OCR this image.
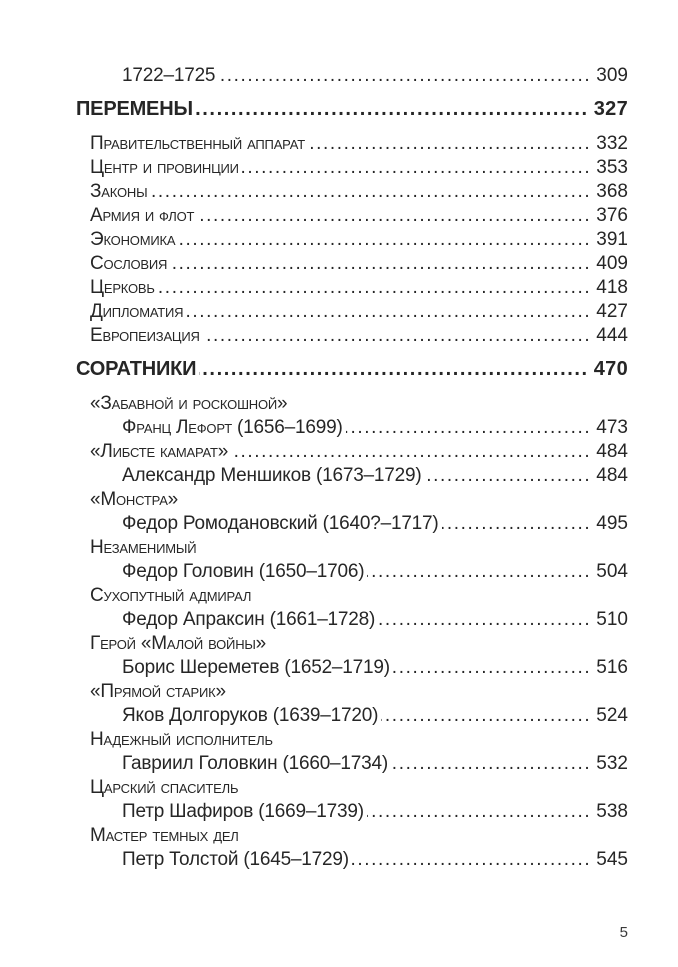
1722–1725 .....	309
ПЕРЕМЕНЫ .....	327
Правительственный аппарат .....	332
Центр и провинции .....	353
Законы .....	368
Армия и флот .....	376
Экономика .....	391
Сословия .....	409
Церковь .....	418
Дипломатия .....	427
Европеизация .....	444
СОРАТНИКИ .....	470
«Забавной и роскошной»
Франц Лефорт (1656–1699) .....	473
«Либсте камарат» .....	484
Александр Меншиков (1673–1729) .....	484
«Монстра»
Федор Ромодановский (1640?–1717) .....	495
Незаменимый
Федор Головин (1650–1706) .....	504
Сухопутный адмирал
Федор Апраксин (1661–1728) .....	510
Герой «Малой войны»
Борис Шереметев (1652–1719) .....	516
«Прямой старик»
Яков Долгоруков (1639–1720) .....	524
Надежный исполнитель
Гавриил Головкин (1660–1734) .....	532
Царский спаситель
Петр Шафиров (1669–1739) .....	538
Мастер темных дел
Петр Толстой (1645–1729) .....	545
5
